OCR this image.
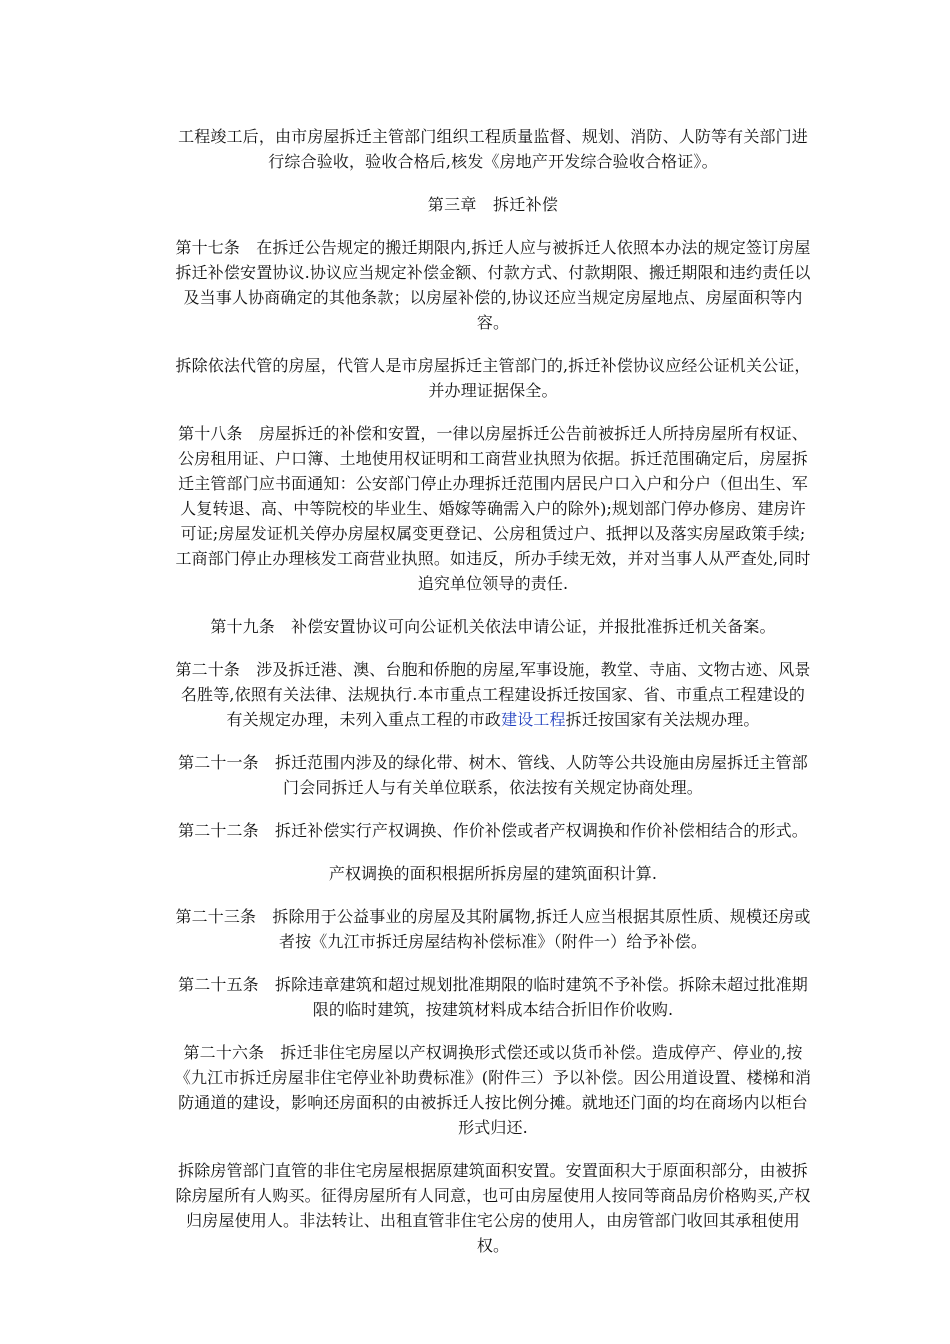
工程竣工后，由市房屋拆迁主管部门组织工程质量监督、规划、消防、人防等有关部门进行综合验收，验收合格后,核发《房地产开发综合验收合格证》。

第三章　拆迁补偿

第十七条　在拆迁公告规定的搬迁期限内,拆迁人应与被拆迁人依照本办法的规定签订房屋拆迁补偿安置协议.协议应当规定补偿金额、付款方式、付款期限、搬迁期限和违约责任以及当事人协商确定的其他条款；以房屋补偿的,协议还应当规定房屋地点、房屋面积等内容。

拆除依法代管的房屋，代管人是市房屋拆迁主管部门的,拆迁补偿协议应经公证机关公证，并办理证据保全。

第十八条　房屋拆迁的补偿和安置，一律以房屋拆迁公告前被拆迁人所持房屋所有权证、公房租用证、户口簿、土地使用权证明和工商营业执照为依据。拆迁范围确定后，房屋拆迁主管部门应书面通知：公安部门停止办理拆迁范围内居民户口入户和分户（但出生、军人复转退、高、中等院校的毕业生、婚嫁等确需入户的除外);规划部门停办修房、建房许可证;房屋发证机关停办房屋权属变更登记、公房租赁过户、抵押以及落实房屋政策手续;工商部门停止办理核发工商营业执照。如违反，所办手续无效，并对当事人从严查处,同时追究单位领导的责任.

第十九条　补偿安置协议可向公证机关依法申请公证，并报批准拆迁机关备案。

第二十条　涉及拆迁港、澳、台胞和侨胞的房屋,军事设施，教堂、寺庙、文物古迹、风景名胜等,依照有关法律、法规执行.本市重点工程建设拆迁按国家、省、市重点工程建设的有关规定办理，未列入重点工程的市政建设工程拆迁按国家有关法规办理。

第二十一条　拆迁范围内涉及的绿化带、树木、管线、人防等公共设施由房屋拆迁主管部门会同拆迁人与有关单位联系，依法按有关规定协商处理。

第二十二条　拆迁补偿实行产权调换、作价补偿或者产权调换和作价补偿相结合的形式。

产权调换的面积根据所拆房屋的建筑面积计算.

第二十三条　拆除用于公益事业的房屋及其附属物,拆迁人应当根据其原性质、规模还房或者按《九江市拆迁房屋结构补偿标准》（附件一）给予补偿。

第二十五条　拆除违章建筑和超过规划批准期限的临时建筑不予补偿。拆除未超过批准期限的临时建筑，按建筑材料成本结合折旧作价收购.

第二十六条　拆迁非住宅房屋以产权调换形式偿还或以货币补偿。造成停产、停业的,按《九江市拆迁房屋非住宅停业补助费标准》(附件三）予以补偿。因公用道设置、楼梯和消防通道的建设，影响还房面积的由被拆迁人按比例分摊。就地还门面的均在商场内以柜台形式归还.

拆除房管部门直管的非住宅房屋根据原建筑面积安置。安置面积大于原面积部分，由被拆除房屋所有人购买。征得房屋所有人同意，也可由房屋使用人按同等商品房价格购买,产权归房屋使用人。非法转让、出租直管非住宅公房的使用人，由房管部门收回其承租使用权。
